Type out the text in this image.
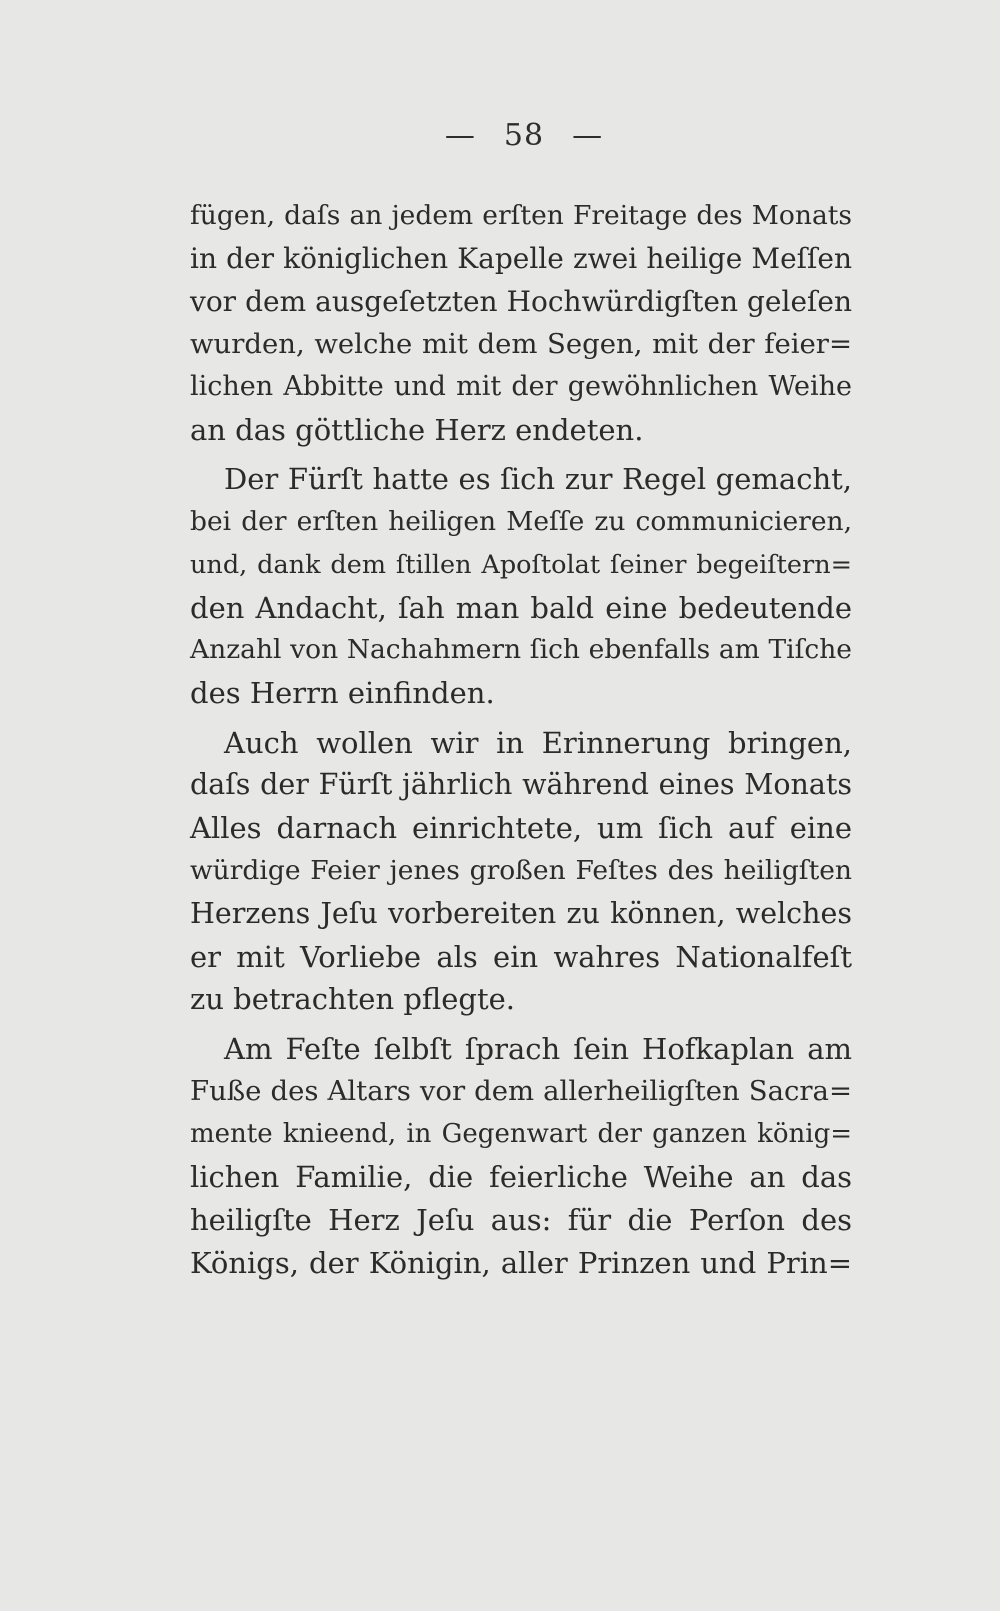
— 58 —
fügen, daſs an jedem erſten Freitage des Monats
in der königlichen Kapelle zwei heilige Meſſen
vor dem ausgeſetzten Hochwürdigſten geleſen
wurden, welche mit dem Segen, mit der feier=
lichen Abbitte und mit der gewöhnlichen Weihe
an das göttliche Herz endeten.
Der Fürſt hatte es ſich zur Regel gemacht,
bei der erſten heiligen Meſſe zu communicieren,
und, dank dem ſtillen Apoſtolat ſeiner begeiſtern=
den Andacht, ſah man bald eine bedeutende
Anzahl von Nachahmern ſich ebenfalls am Tiſche
des Herrn einfinden.
Auch wollen wir in Erinnerung bringen,
daſs der Fürſt jährlich während eines Monats
Alles darnach einrichtete, um ſich auf eine
würdige Feier jenes großen Feſtes des heiligſten
Herzens Jeſu vorbereiten zu können, welches
er mit Vorliebe als ein wahres Nationalfeſt
zu betrachten pflegte.
Am Feſte ſelbſt ſprach ſein Hofkaplan am
Fuße des Altars vor dem allerheiligſten Sacra=
mente knieend, in Gegenwart der ganzen könig=
lichen Familie, die feierliche Weihe an das
heiligſte Herz Jeſu aus: für die Perſon des
Königs, der Königin, aller Prinzen und Prin=
